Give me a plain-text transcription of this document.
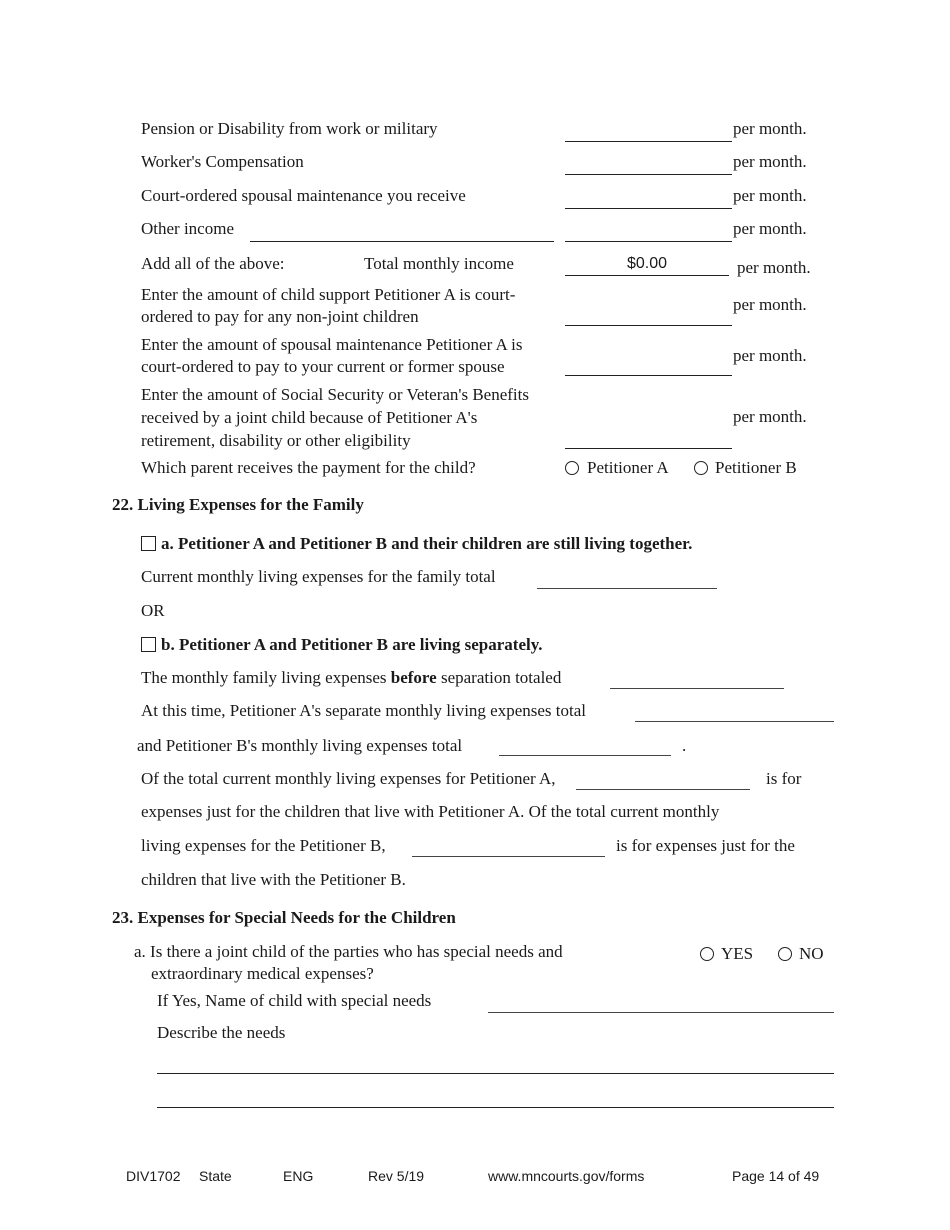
Pension or Disability from work or military	per month.
Worker's Compensation	per month.
Court-ordered spousal maintenance you receive	per month.
Other income	per month.
Add all of the above:	Total monthly income	$0.00	per month.
Enter the amount of child support Petitioner A is court-
ordered to pay for any non-joint children
per month.
Enter the amount of spousal maintenance Petitioner A is
court-ordered to pay to your current or former spouse
per month.
Enter the amount of Social Security or Veteran's Benefits
received by a joint child because of Petitioner A's
retirement, disability or other eligibility
per month.
Which parent receives the payment for the child?	Petitioner A	Petitioner B
22. Living Expenses for the Family
a. Petitioner A and Petitioner B and their children are still living together.
Current monthly living expenses for the family total
OR
b. Petitioner A and Petitioner B are living separately.
The monthly family living expenses before separation totaled
At this time, Petitioner A's separate monthly living expenses total
and Petitioner B's monthly living expenses total	.
Of the total current monthly living expenses for Petitioner A,	is for
expenses just for the children that live with Petitioner A. Of the total current monthly
living expenses for the Petitioner B,	is for expenses just for the
children that live with the Petitioner B.
23. Expenses for Special Needs for the Children
a. Is there a joint child of the parties who has special needs and
extraordinary medical expenses?
YES	NO
If Yes, Name of child with special needs
Describe the needs
DIV1702 State	ENG	Rev 5/19	www.mncourts.gov/forms	Page 14 of 49
